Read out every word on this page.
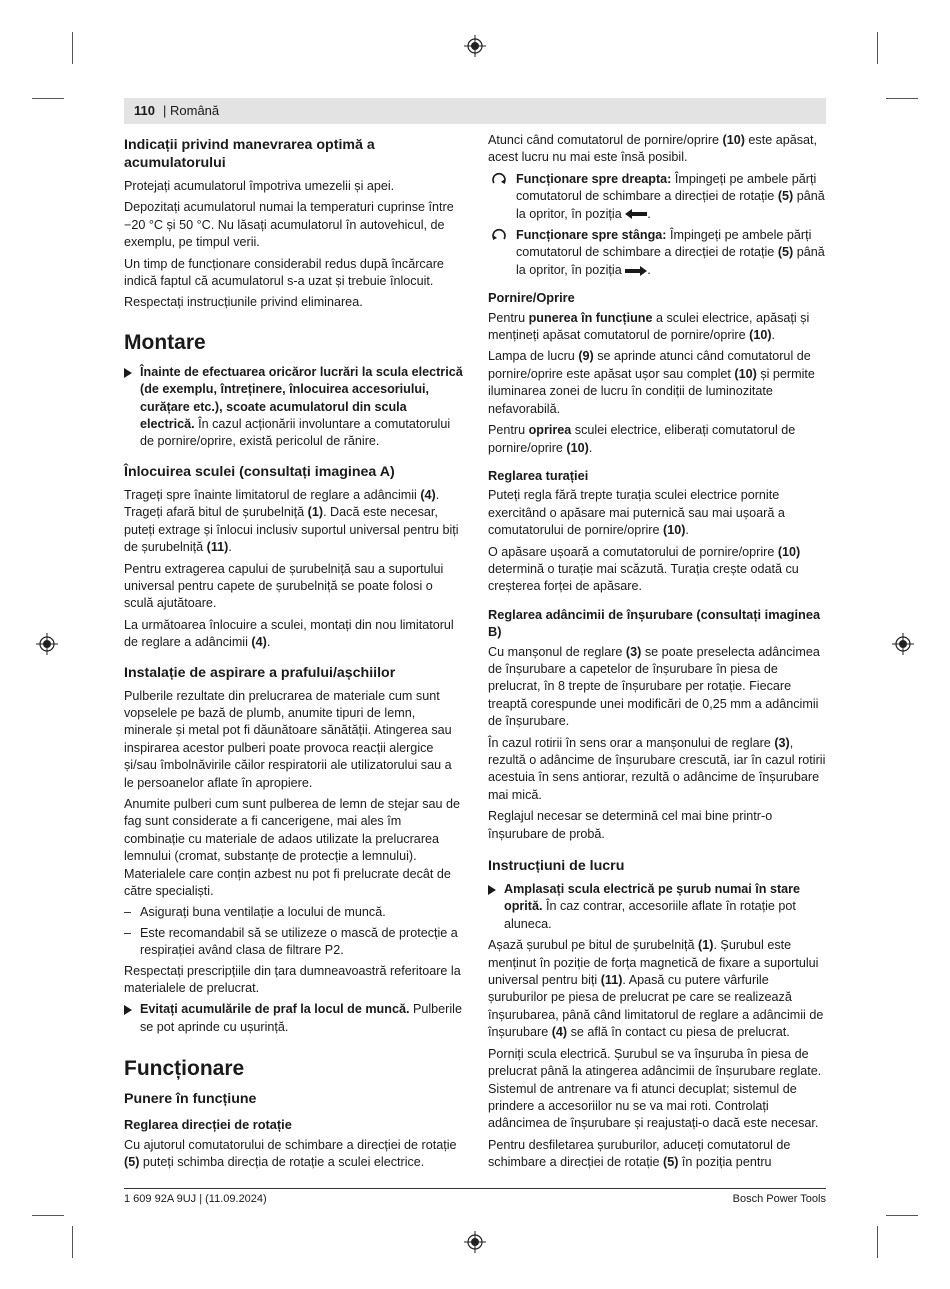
110 | Română
Indicații privind manevrarea optimă a acumulatorului

Protejați acumulatorul împotriva umezelii și apei.

Depozitați acumulatorul numai la temperaturi cuprinse între −20 °C și 50 °C. Nu lăsați acumulatorul în autovehicul, de exemplu, pe timpul verii.

Un timp de funcționare considerabil redus după încărcare indică faptul că acumulatorul s-a uzat și trebuie înlocuit.

Respectați instrucțiunile privind eliminarea.

Montare
Înainte de efectuarea oricăror lucrări la scula electrică (de exemplu, întreținere, înlocuirea accesoriului, curățare etc.), scoate acumulatorul din scula electrică. În cazul acționării involuntare a comutatorului de pornire/oprire, există pericolul de rănire.
Înlocuirea sculei (consultați imaginea A)

Trageți spre înainte limitatorul de reglare a adâncimii (4). Trageți afară bitul de șurubelniță (1). Dacă este necesar, puteți extrage și înlocui inclusiv suportul universal pentru biți de șurubelniță (11).

Pentru extragerea capului de șurubelniță sau a suportului universal pentru capete de șurubelniță se poate folosi o sculă ajutătoare.

La următoarea înlocuire a sculei, montați din nou limitatorul de reglare a adâncimii (4).

Instalație de aspirare a prafului/așchiilor

Pulberile rezultate din prelucrarea de materiale cum sunt vopselele pe bază de plumb, anumite tipuri de lemn, minerale și metal pot fi dăunătoare sănătății. Atingerea sau inspirarea acestor pulberi poate provoca reacții alergice și/sau îmbolnăvirile căilor respiratorii ale utilizatorului sau a le persoanelor aflate în apropiere.

Anumite pulberi cum sunt pulberea de lemn de stejar sau de fag sunt considerate a fi cancerigene, mai ales îm combinație cu materiale de adaos utilizate la prelucrarea lemnului (cromat, substanțe de protecție a lemnului). Materialele care conțin azbest nu pot fi prelucrate decât de către specialiști.

– Asigurați buna ventilație a locului de muncă.
– Este recomandabil să se utilizeze o mască de protecție a respirației având clasa de filtrare P2.

Respectați prescripțiile din țara dumneavoastră referitoare la materialele de prelucrat.

Evitați acumulările de praf la locul de muncă. Pulberile se pot aprinde cu ușurință.
Funcționare
Punere în funcțiune
Reglarea direcției de rotație

Cu ajutorul comutatorului de schimbare a direcției de rotație (5) puteți schimba direcția de rotație a sculei electrice.

Atunci când comutatorul de pornire/oprire (10) este apăsat, acest lucru nu mai este însă posibil.

Funcționare spre dreapta: Împingeți pe ambele părți comutatorul de schimbare a direcției de rotație (5) până la opritor, în poziția .
Funcționare spre stânga: Împingeți pe ambele părți comutatorul de schimbare a direcției de rotație (5) până la opritor, în poziția .
Pornire/Oprire

Pentru punerea în funcțiune a sculei electrice, apăsați și mențineți apăsat comutatorul de pornire/oprire (10).

Lampa de lucru (9) se aprinde atunci când comutatorul de pornire/oprire este apăsat ușor sau complet (10) și permite iluminarea zonei de lucru în condiții de luminozitate nefavorabilă.

Pentru oprirea sculei electrice, eliberați comutatorul de pornire/oprire (10).

Reglarea turației

Puteți regla fără trepte turația sculei electrice pornite exercitând o apăsare mai puternică sau mai ușoară a comutatorului de pornire/oprire (10).

O apăsare ușoară a comutatorului de pornire/oprire (10) determină o turație mai scăzută. Turația crește odată cu creșterea forței de apăsare.

Reglarea adâncimii de înșurubare (consultați imaginea B)

Cu manșonul de reglare (3) se poate preselecta adâncimea de înșurubare a capetelor de înșurubare în piesa de prelucrat, în 8 trepte de înșurubare per rotație. Fiecare treaptă corespunde unei modificări de 0,25 mm a adâncimii de înșurubare.

În cazul rotirii în sens orar a manșonului de reglare (3), rezultă o adâncime de înșurubare crescută, iar în cazul rotirii acestuia în sens antiorar, rezultă o adâncime de înșurubare mai mică.

Reglajul necesar se determină cel mai bine printr-o înșurubare de probă.

Instrucțiuni de lucru
Amplasați scula electrică pe șurub numai în stare oprită. În caz contrar, accesoriile aflate în rotație pot aluneca.

Așază șurubul pe bitul de șurubelniță (1). Șurubul este menținut în poziție de forța magnetică de fixare a suportului universal pentru biți (11). Apasă cu putere vârfurile șuruburilor pe piesa de prelucrat pe care se realizează înșurubarea, până când limitatorul de reglare a adâncimii de înșurubare (4) se află în contact cu piesa de prelucrat.

Porniți scula electrică. Șurubul se va înșuruba în piesa de prelucrat până la atingerea adâncimii de înșurubare reglate. Sistemul de antrenare va fi atunci decuplat; sistemul de prindere a accesoriilor nu se va mai roti. Controlați adâncimea de înșurubare și reajustați-o dacă este necesar.

Pentru desfiletarea șuruburilor, aduceți comutatorul de schimbare a direcției de rotație (5) în poziția pentru

1 609 92A 9UJ | (11.09.2024)	Bosch Power Tools
